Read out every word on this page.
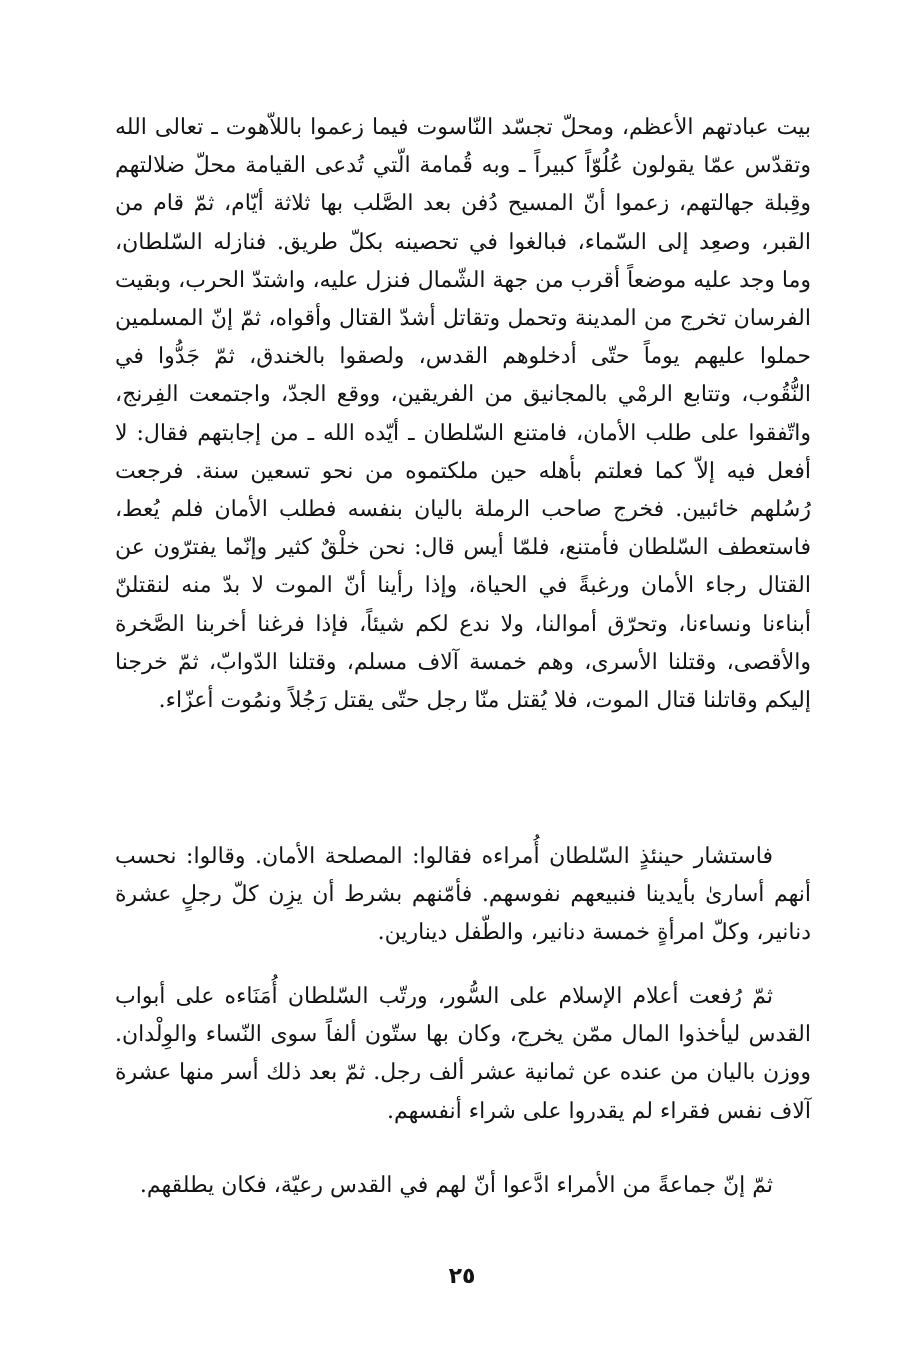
بيت عبادتهم الأعظم، ومحلّ تجسّد النّاسوت فيما زعموا باللاّهوت ـ تعالى الله وتقدّس عمّا يقولون عُلُوّاً كبيراً ـ وبه قُمامة الّتي تُدعى القيامة محلّ ضلالتهم وقِبلة جهالتهم، زعموا أنّ المسيح دُفن بعد الصَّلب بها ثلاثة أيّام، ثمّ قام من القبر، وصعِد إلى السّماء، فبالغوا في تحصينه بكلّ طريق. فنازله السّلطان، وما وجد عليه موضعاً أقرب من جهة الشّمال فنزل عليه، واشتدّ الحرب، وبقيت الفرسان تخرج من المدينة وتحمل وتقاتل أشدّ القتال وأقواه، ثمّ إنّ المسلمين حملوا عليهم يوماً حتّى أدخلوهم القدس، ولصقوا بالخندق، ثمّ جَدُّوا في النُّقُوب، وتتابع الرمْي بالمجانيق من الفريقين، ووقع الجدّ، واجتمعت الفِرنج، واتّفقوا على طلب الأمان، فامتنع السّلطان ـ أيّده الله ـ من إجابتهم فقال: لا أفعل فيه إلاّ كما فعلتم بأهله حين ملكتموه من نحو تسعين سنة. فرجعت رُسُلهم خائبين. فخرج صاحب الرملة باليان بنفسه فطلب الأمان فلم يُعط، فاستعطف السّلطان فأمتنع، فلمّا أيس قال: نحن خلْقٌ كثير وإنّما يفترّون عن القتال رجاء الأمان ورغبةً في الحياة، وإذا رأينا أنّ الموت لا بدّ منه لنقتلنّ أبناءنا ونساءنا، وتحرّق أموالنا، ولا ندع لكم شيئاً، فإذا فرغنا أخربنا الصَّخرة والأقصى، وقتلنا الأسرى، وهم خمسة آلاف مسلم، وقتلنا الدّوابّ، ثمّ خرجنا إليكم وقاتلنا قتال الموت، فلا يُقتل منّا رجل حتّى يقتل رَجُلاً ونمُوت أعزّاء.

فاستشار حينئذٍ السّلطان أُمراءه فقالوا: المصلحة الأمان. وقالوا: نحسب أنهم أسارىٰ بأيدينا فنبيعهم نفوسهم. فأمّنهم بشرط أن يزِن كلّ رجلٍ عشرة دنانير، وكلّ امرأةٍ خمسة دنانير، والطّفل دينارين.

ثمّ رُفعت أعلام الإسلام على السُّور، ورتّب السّلطان أُمَنَاءه على أبواب القدس ليأخذوا المال ممّن يخرج، وكان بها ستّون ألفاً سوى النّساء والوِلْدان. ووزن باليان من عنده عن ثمانية عشر ألف رجل. ثمّ بعد ذلك أسر منها عشرة آلاف نفس فقراء لم يقدروا على شراء أنفسهم.

ثمّ إنّ جماعةً من الأمراء ادَّعوا أنّ لهم في القدس رعيّة، فكان يطلقهم.

٢٥
